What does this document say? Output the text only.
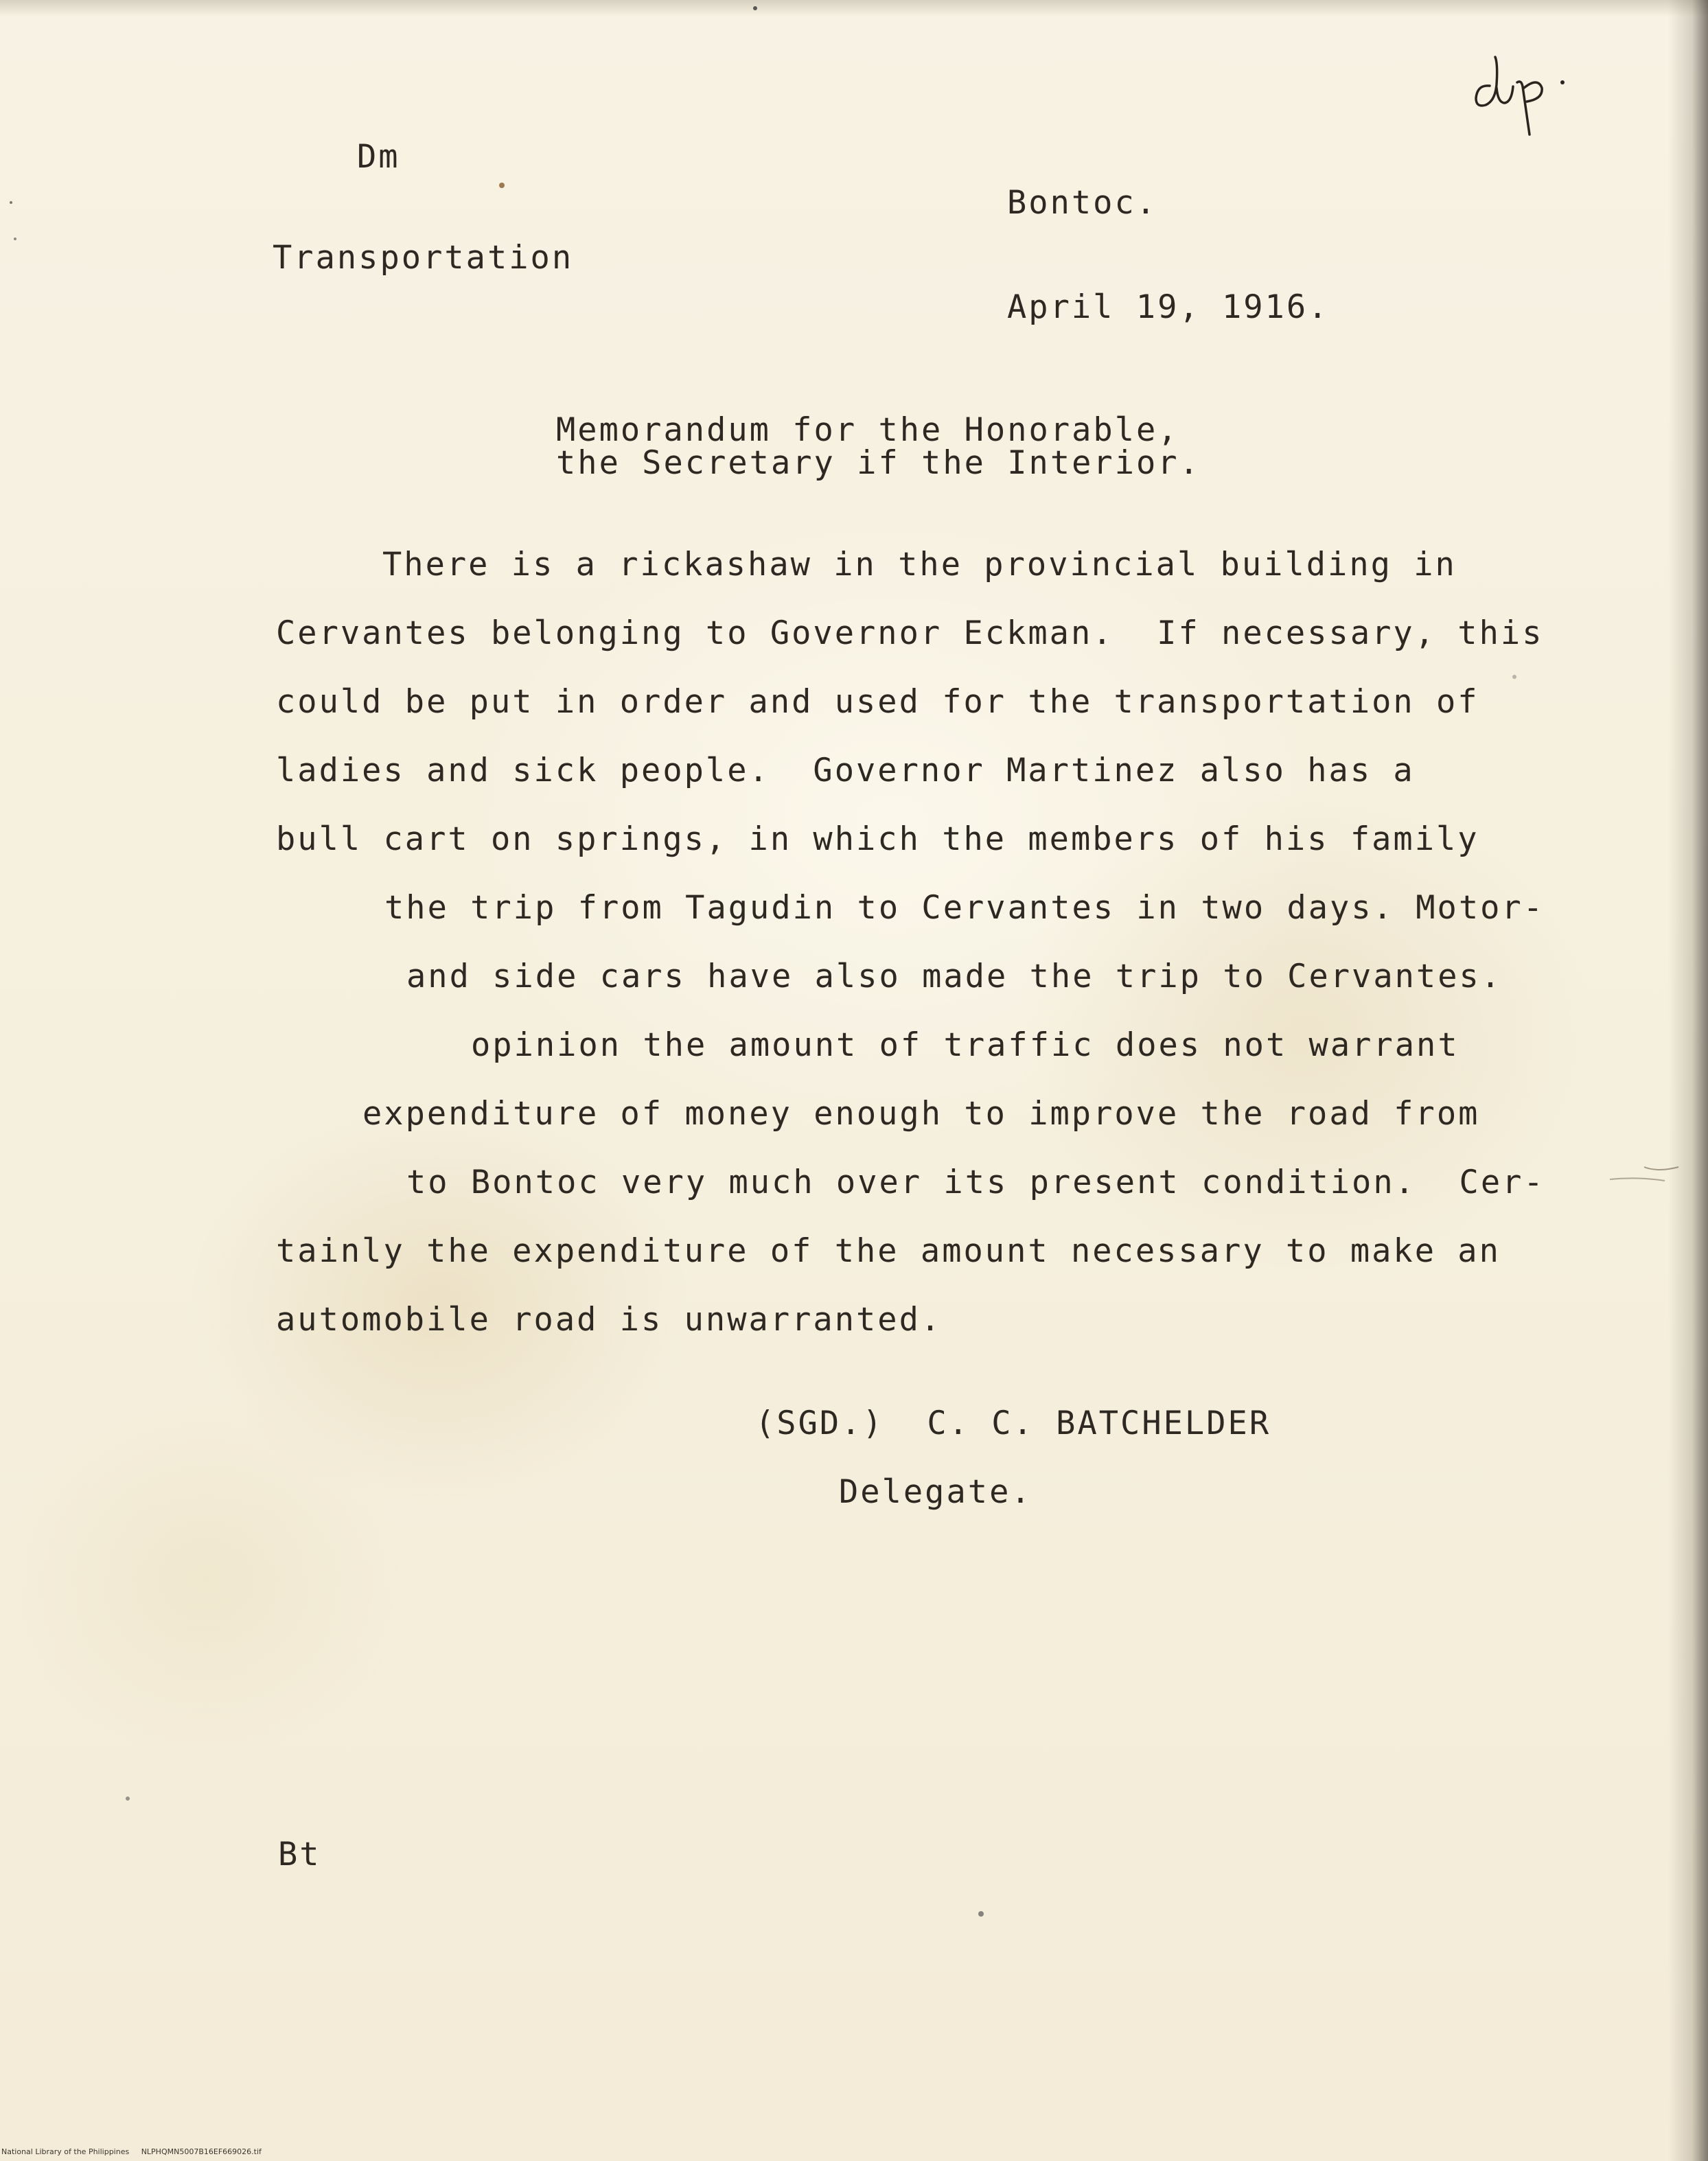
Dm
Bontoc.
Transportation
April 19, 1916.
dup.
Memorandum for the Honorable,
the Secretary if the Interior.
There is a rickashaw in the provincial building in
Cervantes belonging to Governor Eckman.  If necessary, this
could be put in order and used for the transportation of
ladies and sick people.  Governor Martinez also has a
bull cart on springs, in which the members of his family
the trip from Tagudin to Cervantes in two days. Motor-
and side cars have also made the trip to Cervantes.
opinion the amount of traffic does not warrant
expenditure of money enough to improve the road from
to Bontoc very much over its present condition.  Cer-
tainly the expenditure of the amount necessary to make an
automobile road is unwarranted.
(SGD.)  C. C. BATCHELDER
Delegate.
Bt
National Library of the Philippines     NLPHQMN5007B16EF669026.tif
